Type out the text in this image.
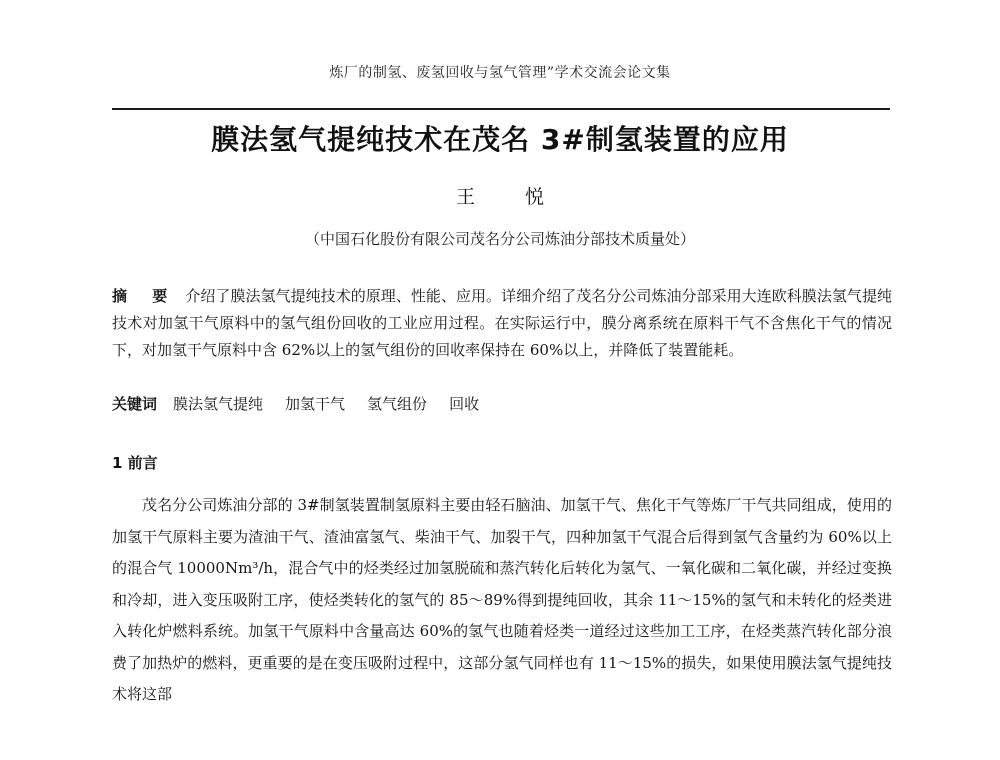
炼厂的制氢、废氢回收与氢气管理”学术交流会论文集
膜法氢气提纯技术在茂名 3#制氢装置的应用
王 悦
（中国石化股份有限公司茂名分公司炼油分部技术质量处）
摘 要 介绍了膜法氢气提纯技术的原理、性能、应用。详细介绍了茂名分公司炼油分部采用大连欧科膜法氢气提纯技术对加氢干气原料中的氢气组份回收的工业应用过程。在实际运行中，膜分离系统在原料干气不含焦化干气的情况下，对加氢干气原料中含 62%以上的氢气组份的回收率保持在 60%以上，并降低了装置能耗。
关键词 膜法氢气提纯 加氢干气 氢气组份 回收
1 前言
茂名分公司炼油分部的 3#制氢装置制氢原料主要由轻石脑油、加氢干气、焦化干气等炼厂干气共同组成，使用的加氢干气原料主要为渣油干气、渣油富氢气、柴油干气、加裂干气，四种加氢干气混合后得到氢气含量约为 60%以上的混合气 10000Nm³/h，混合气中的烃类经过加氢脱硫和蒸汽转化后转化为氢气、一氧化碳和二氧化碳，并经过变换和冷却，进入变压吸附工序，使烃类转化的氢气的 85～89%得到提纯回收，其余 11～15%的氢气和未转化的烃类进入转化炉燃料系统。加氢干气原料中含量高达 60%的氢气也随着烃类一道经过这些加工工序，在烃类蒸汽转化部分浪费了加热炉的燃料，更重要的是在变压吸附过程中，这部分氢气同样也有 11～15%的损失，如果使用膜法氢气提纯技术将这部
